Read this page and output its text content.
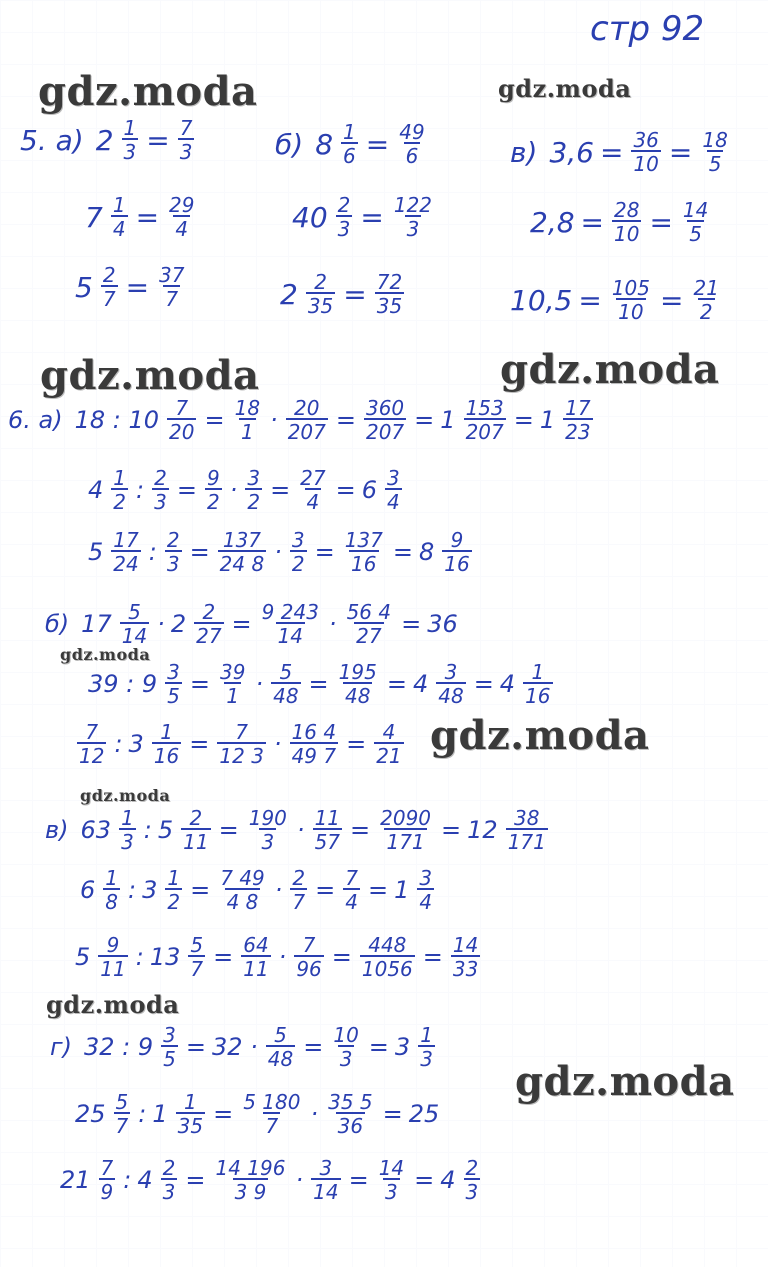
стр 92
gdz.moda	gdz.moda
gdz.moda	gdz.moda
gdz.moda
gdz.moda
gdz.moda
gdz.moda
gdz.moda
5. а) $2 \frac{1}{3} = \frac{7}{3}$
$7 \frac{1}{4} = \frac{29}{4}$
$5 \frac{2}{7} = \frac{37}{7}$
б) $8 \frac{1}{6} = \frac{49}{6}$
$40 \frac{2}{3} = \frac{122}{3}$
$2 \frac{2}{35} = \frac{72}{35}$
в) $3,6 = \frac{36}{10} = \frac{18}{5}$
$2,8 = \frac{28}{10} = \frac{14}{5}$
$10,5 = \frac{105}{10} = \frac{21}{2}$
6. а) 18 : $10 \frac{7}{20} = \frac{18}{1} \cdot \frac{20}{207} = \frac{360}{207} = 1 \frac{153}{207} = 1 \frac{17}{23}$
$4 \frac{1}{2}$ : $\frac{2}{3} = \frac{9}{2} \cdot \frac{3}{2} = \frac{27}{4} = 6 \frac{3}{4}$
$5 \frac{17}{24}$ : $\frac{2}{3} = \frac{137}{24 8} \cdot \frac{3}{2} = \frac{137}{16} = 8 \frac{9}{16}$
б) $17 \frac{5}{14} \cdot 2 \frac{2}{27} = \frac{9 243}{14} \cdot \frac{56 4}{27} = 36$
39 : $9 \frac{3}{5} = \frac{39}{1} \cdot \frac{5}{48} = \frac{195}{48} = 4 \frac{3}{48} = 4 \frac{1}{16}$
$\frac{7}{12}$ : $3 \frac{1}{16} = \frac{7}{12 3} \cdot \frac{16 4}{49 7} = \frac{4}{21}$
в) $63 \frac{1}{3}$ : $5 \frac{2}{11} = \frac{190}{3} \cdot \frac{11}{57} = \frac{2090}{171} = 12 \frac{38}{171}$
$6 \frac{1}{8}$ : $3 \frac{1}{2} = \frac{7 49}{4 8} \cdot \frac{2}{7} = \frac{7}{4} = 1 \frac{3}{4}$
$5 \frac{9}{11}$ : $13 \frac{5}{7} = \frac{64}{11} \cdot \frac{7}{96} = \frac{448}{1056} = \frac{14}{33}$
г) 32 : $9 \frac{3}{5} = 32 \cdot \frac{5}{48} = \frac{10}{3} = 3 \frac{1}{3}$
$25 \frac{5}{7}$ : $1 \frac{1}{35} = \frac{5 180}{7} \cdot \frac{35 5}{36} = 25$
$21 \frac{7}{9}$ : $4 \frac{2}{3} = \frac{14 196}{3 9} \cdot \frac{3}{14} = \frac{14}{3} = 4 \frac{2}{3}$
